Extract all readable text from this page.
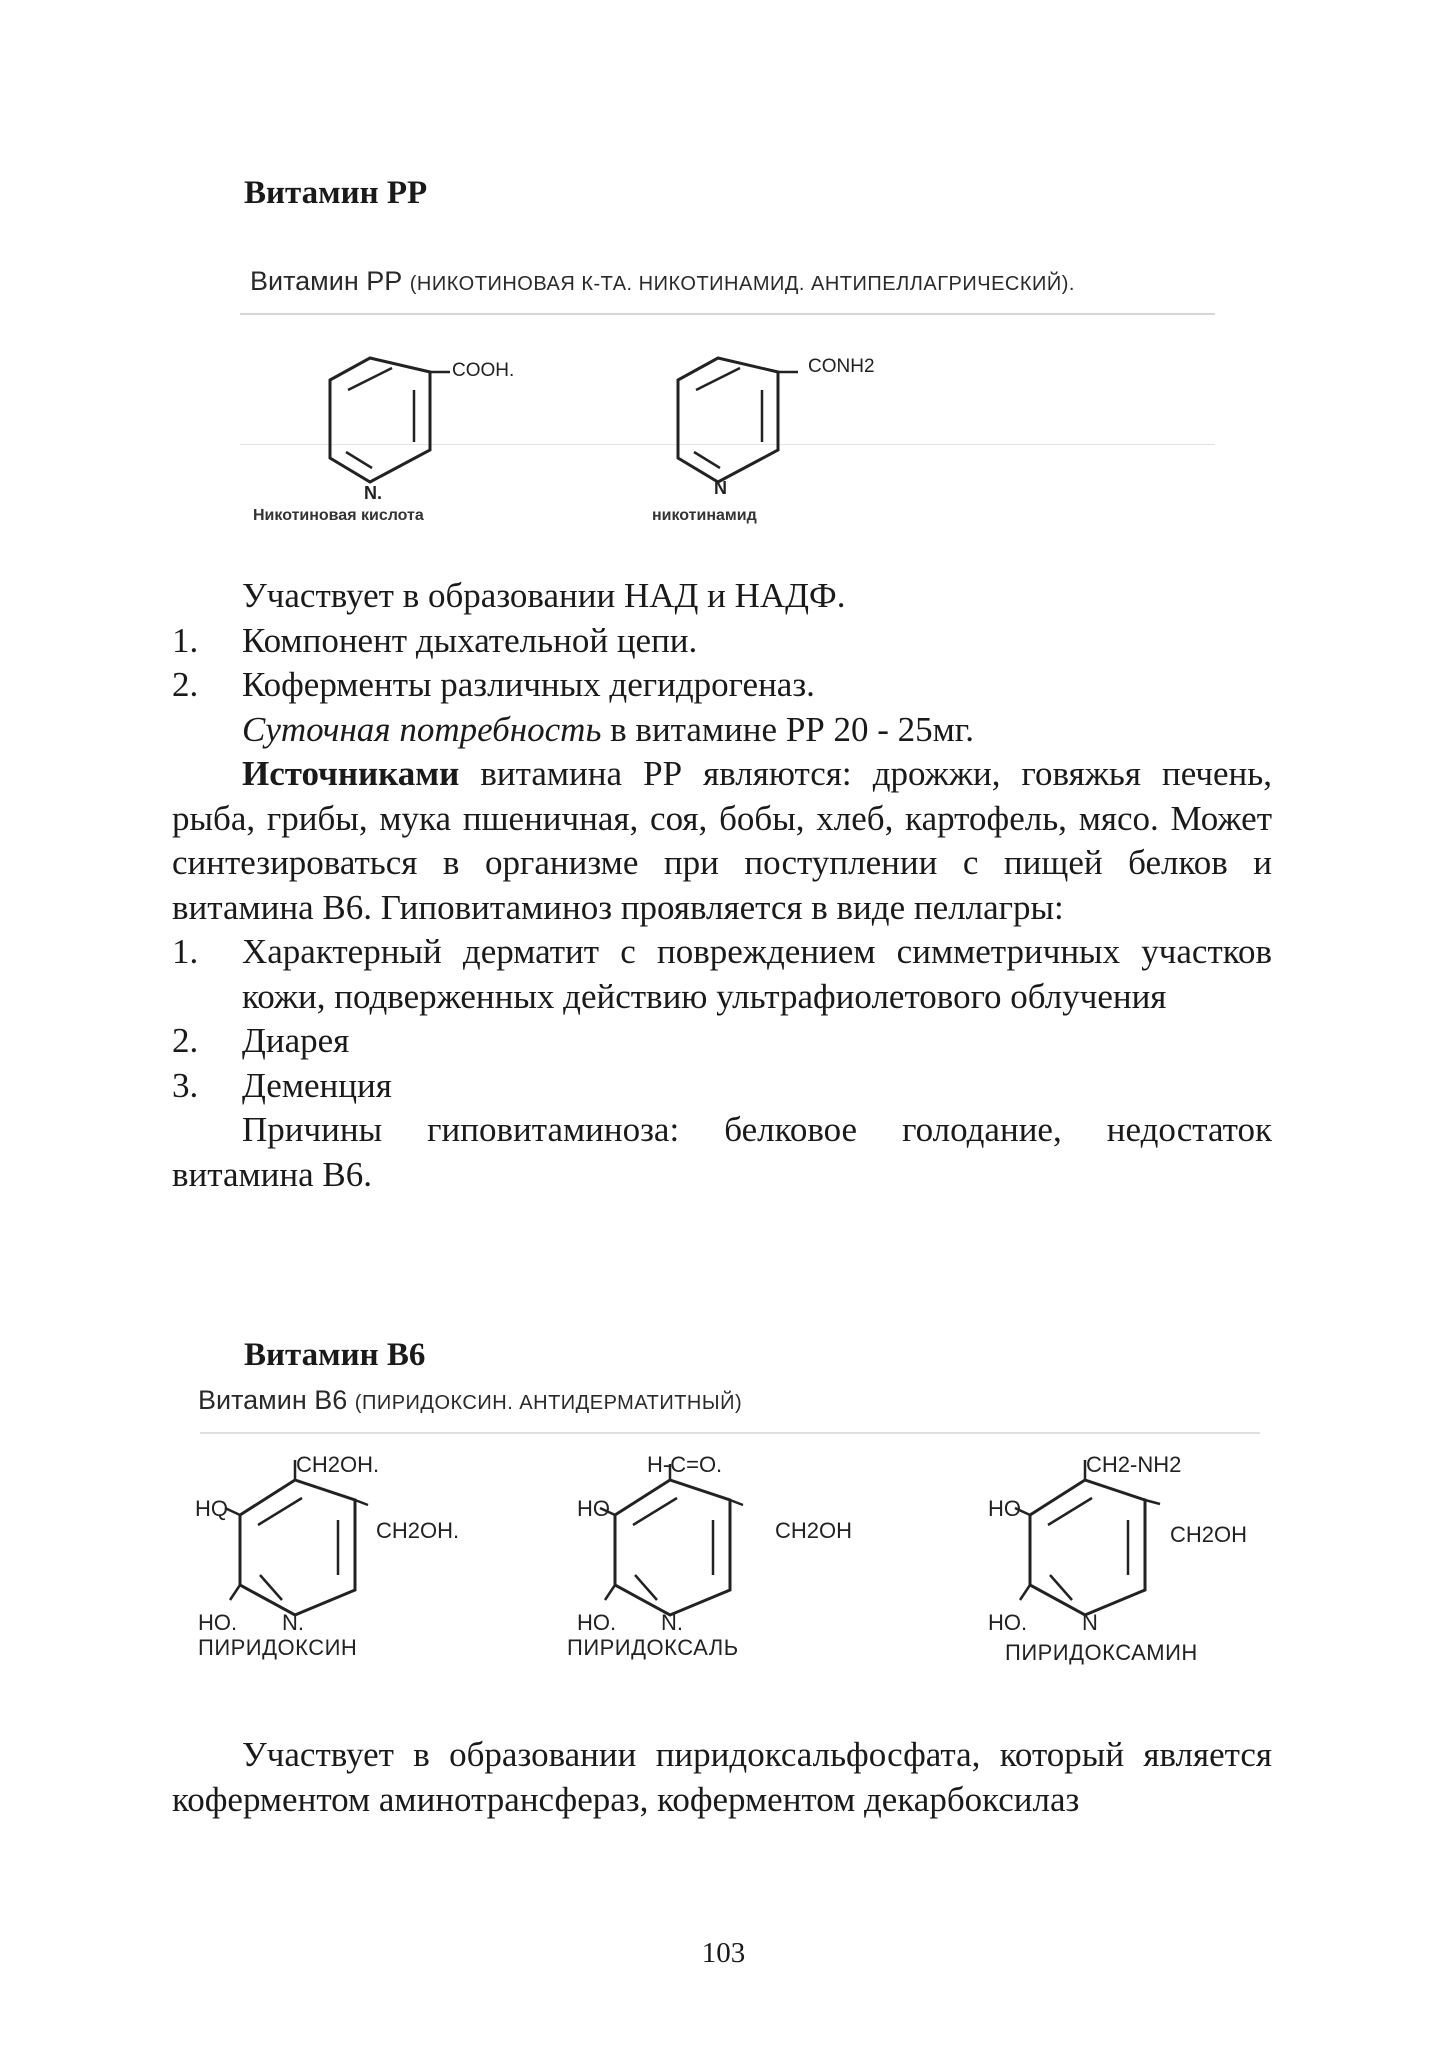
Витамин РР
Витамин РР (НИКОТИНОВАЯ К-ТА. НИКОТИНАМИД. АНТИПЕЛЛАГРИЧЕСКИЙ).
COOH.
N.
Никотиновая кислота
CONH2
N
никотинамид

Участвует в образовании НАД и НАДФ.

1.	Компонент дыхательной цепи.
2.	Коферменты различных дегидрогеназ.

Суточная потребность в витамине РР 20 - 25мг.

Источниками витамина РР являются: дрожжи, говяжья печень, рыба, грибы, мука пшеничная, соя, бобы, хлеб, картофель, мясо. Может синтезироваться в организме при поступлении с пищей белков и витамина В6. Гиповитаминоз проявляется в виде пеллагры:

1.	Характерный дерматит с повреждением симметричных участков кожи, подверженных действию ультрафиолетового облучения
2.	Диарея
3.	Деменция

Причины гиповитаминоза: белковое голодание, недостаток витамина В6.

Витамин В6
Витамин В6 (ПИРИДОКСИН. АНТИДЕРМАТИТНЫЙ)
CH2OH.
HQ
CH2OH.
HO. N.
ПИРИДОКСИН
H-C=O.
HO
CH2OH
HO. N.
ПИРИДОКСАЛЬ
CH2-NH2
HO
CH2OH
HO. N
ПИРИДОКСАМИН

Участвует в образовании пиридоксальфосфата, который является коферментом аминотрансфераз, коферментом декарбоксилаз

103
